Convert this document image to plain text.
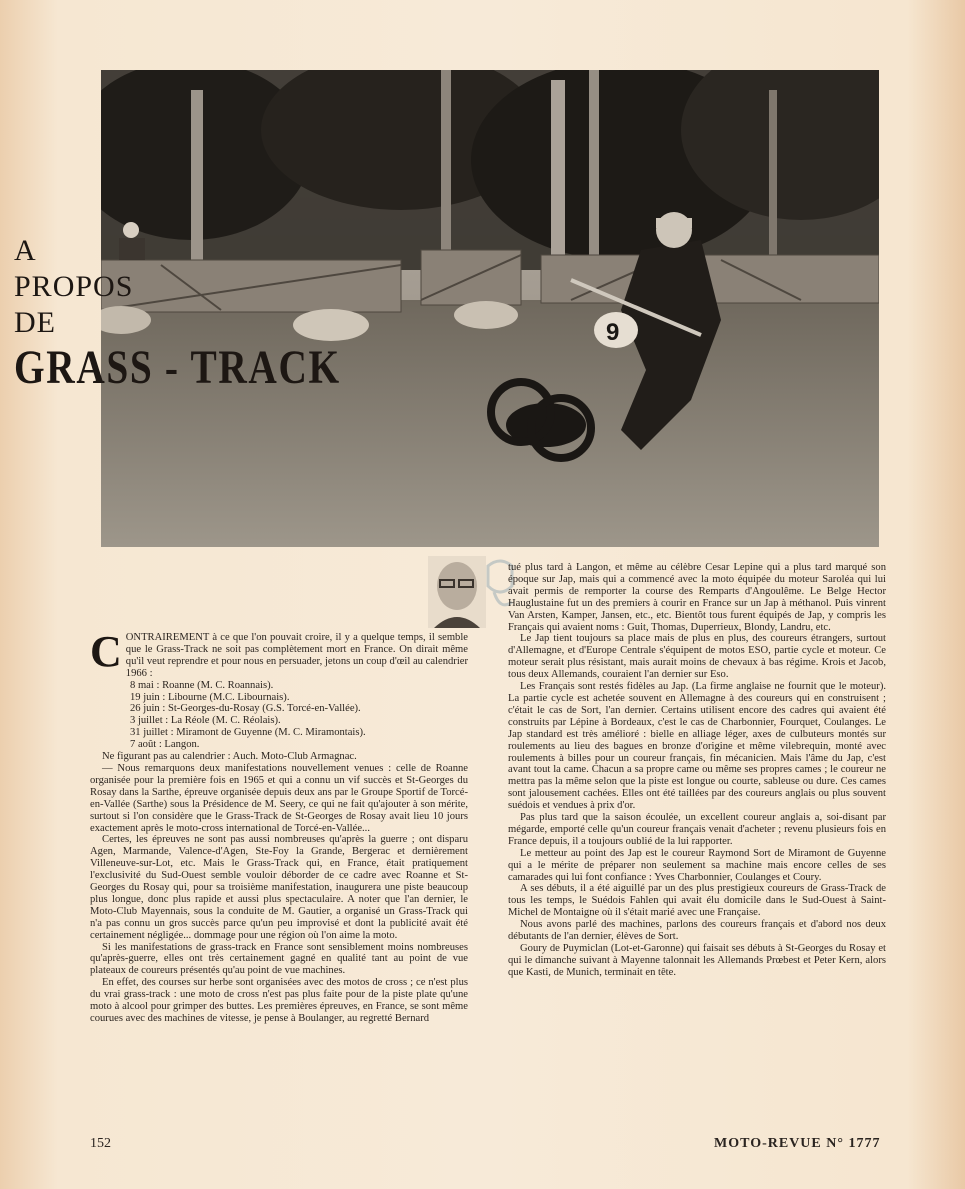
9
A
PROPOS
DE
GRASS - TRACK

CONTRAIREMENT à ce que l'on pouvait croire, il y a quelque temps, il semble que le Grass-Track ne soit pas complètement mort en France. On dirait même qu'il veut reprendre et pour nous en persuader, jetons un coup d'œil au calendrier 1966 :

8 mai : Roanne (M. C. Roannais).
19 juin : Libourne (M.C. Libournais).
26 juin : St-Georges-du-Rosay (G.S. Torcé-en-Vallée).
3 juillet : La Réole (M. C. Réolais).
31 juillet : Miramont de Guyenne (M. C. Miramontais).
7 août : Langon.

Ne figurant pas au calendrier : Auch. Moto-Club Armagnac.

— Nous remarquons deux manifestations nouvellement venues : celle de Roanne organisée pour la première fois en 1965 et qui a connu un vif succès et St-Georges du Rosay dans la Sarthe, épreuve organisée depuis deux ans par le Groupe Sportif de Torcé-en-Vallée (Sarthe) sous la Présidence de M. Seery, ce qui ne fait qu'ajouter à son mérite, surtout si l'on considère que le Grass-Track de St-Georges de Rosay avait lieu 10 jours exactement après le moto-cross international de Torcé-en-Vallée...

Certes, les épreuves ne sont pas aussi nombreuses qu'après la guerre ; ont disparu Agen, Marmande, Valence-d'Agen, Ste-Foy la Grande, Bergerac et dernièrement Villeneuve-sur-Lot, etc. Mais le Grass-Track qui, en France, était pratiquement l'exclusivité du Sud-Ouest semble vouloir déborder de ce cadre avec Roanne et St-Georges du Rosay qui, pour sa troisième manifestation, inaugurera une piste beaucoup plus longue, donc plus rapide et aussi plus spectaculaire. A noter que l'an dernier, le Moto-Club Mayennais, sous la conduite de M. Gautier, a organisé un Grass-Track qui n'a pas connu un gros succès parce qu'un peu improvisé et dont la publicité avait été certainement négligée... dommage pour une région où l'on aime la moto.

Si les manifestations de grass-track en France sont sensiblement moins nombreuses qu'après-guerre, elles ont très certainement gagné en qualité tant au point de vue plateaux de coureurs présentés qu'au point de vue machines.

En effet, des courses sur herbe sont organisées avec des motos de cross ; ce n'est plus du vrai grass-track : une moto de cross n'est pas plus faite pour de la piste plate qu'une moto à alcool pour grimper des buttes. Les premières épreuves, en France, se sont même courues avec des machines de vitesse, je pense à Boulanger, au regretté Bernard

tué plus tard à Langon, et même au célèbre Cesar Lepine qui a plus tard marqué son époque sur Jap, mais qui a commencé avec la moto équipée du moteur Saroléa qui lui avait permis de remporter la course des Remparts d'Angoulême. Le Belge Hector Hauglustaine fut un des premiers à courir en France sur un Jap à méthanol. Puis vinrent Van Arsten, Kamper, Jansen, etc., etc. Bientôt tous furent équipés de Jap, y compris les Français qui avaient noms : Guit, Thomas, Duperrieux, Blondy, Landru, etc.

Le Jap tient toujours sa place mais de plus en plus, des coureurs étrangers, surtout d'Allemagne, et d'Europe Centrale s'équipent de motos ESO, partie cycle et moteur. Ce moteur serait plus résistant, mais aurait moins de chevaux à bas régime. Krois et Jacob, tous deux Allemands, couraient l'an dernier sur Eso.

Les Français sont restés fidèles au Jap. (La firme anglaise ne fournit que le moteur). La partie cycle est achetée souvent en Allemagne à des coureurs qui en construisent ; c'était le cas de Sort, l'an dernier. Certains utilisent encore des cadres qui avaient été construits par Lépine à Bordeaux, c'est le cas de Charbonnier, Fourquet, Coulanges. Le Jap standard est très amélioré : bielle en alliage léger, axes de culbuteurs montés sur roulements au lieu des bagues en bronze d'origine et même vilebrequin, monté avec roulements à billes pour un coureur français, fin mécanicien. Mais l'âme du Jap, c'est avant tout la came. Chacun a sa propre came ou même ses propres cames ; le coureur ne mettra pas la même selon que la piste est longue ou courte, sableuse ou dure. Ces cames sont jalousement cachées. Elles ont été taillées par des coureurs anglais ou plus souvent suédois et vendues à prix d'or.

Pas plus tard que la saison écoulée, un excellent coureur anglais a, soi-disant par mégarde, emporté celle qu'un coureur français venait d'acheter ; revenu plusieurs fois en France depuis, il a toujours oublié de la lui rapporter.

Le metteur au point des Jap est le coureur Raymond Sort de Miramont de Guyenne qui a le mérite de préparer non seulement sa machine mais encore celles de ses camarades qui lui font confiance : Yves Charbonnier, Coulanges et Coury.

A ses débuts, il a été aiguillé par un des plus prestigieux coureurs de Grass-Track de tous les temps, le Suédois Fahlen qui avait élu domicile dans le Sud-Ouest à Saint-Michel de Montaigne où il s'était marié avec une Française.

Nous avons parlé des machines, parlons des coureurs français et d'abord nos deux débutants de l'an dernier, élèves de Sort.

Goury de Puymiclan (Lot-et-Garonne) qui faisait ses débuts à St-Georges du Rosay et qui le dimanche suivant à Mayenne talonnait les Allemands Prœbest et Peter Kern, alors que Kasti, de Munich, terminait en tête.

152	MOTO-REVUE N° 1777
